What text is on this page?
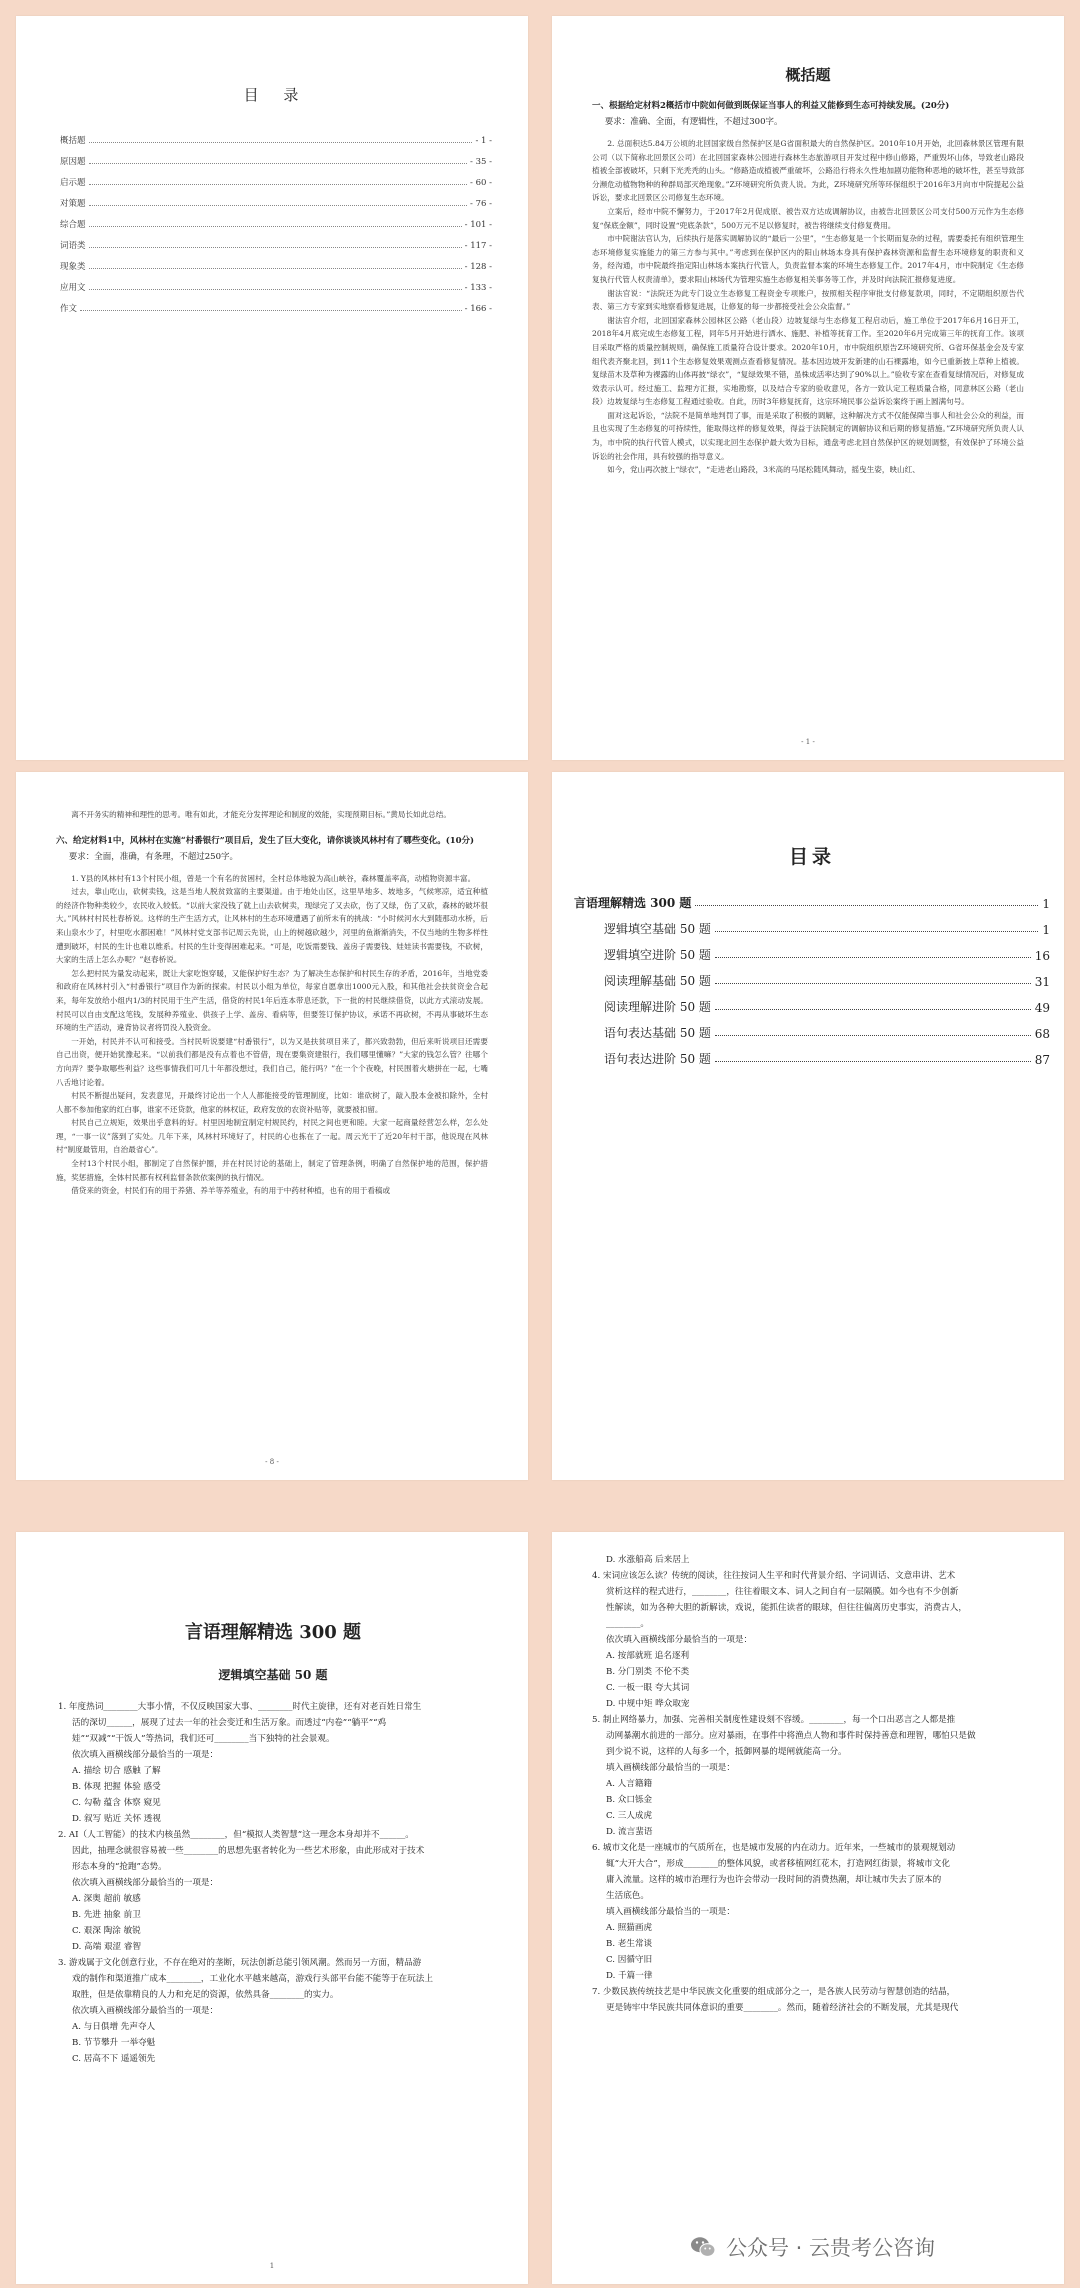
目 录
概括题	- 1 -
原因题	- 35 -
启示题	- 60 -
对策题	- 76 -
综合题	- 101 -
词语类	- 117 -
现象类	- 128 -
应用文	- 133 -
作文	- 166 -
概括题
一、根据给定材料2概括市中院如何做到既保证当事人的利益又能修到生态可持续发展。(20分)
要求：准确、全面，有逻辑性，不超过300字。

2. 总面积达5.84万公顷的北回国家级自然保护区是G省面积最大的自然保护区。2010年10月开始，北回森林景区管理有限公司（以下简称北回景区公司）在北回国家森林公园进行森林生态旅游项目开发过程中修山修路，严重毁坏山体，导致老山路段植被全部被破坏，只剩下光秃秃的山头。“修路造成植被严重破坏，公路沿行将永久性地加剧功能物种恶地的破坏性，甚至导致部分濒危动植物物种的种群局部灭绝现象。”Z环境研究所负责人说。为此，Z环境研究所等环保组织于2016年3月向市中院提起公益诉讼，要求北回景区公司修复生态环境。

立案后，经市中院不懈努力，于2017年2月促成原、被告双方达成调解协议，由被告北回景区公司支付500万元作为生态修复“保底金额”，同时设置“兜底条款”，500万元不足以修复时，被告将继续支付修复费用。

市中院谢法官认为，后续执行是落实调解协议的“最后一公里”，“生态修复是一个长期而复杂的过程，需要委托有组织管理生态环境修复实施能力的第三方参与其中。”考虑到在保护区内的阳山林场本身具有保护森林资源和监督生态环境修复的职责和义务，经沟通，市中院最终指定阳山林场本案执行代管人，负责监督本案的环境生态修复工作。2017年4月，市中院制定《生态修复执行代管人权责清单》，要求阳山林场代为管理实施生态修复相关事务等工作，并及时向法院汇报修复进度。

谢法官说：“法院还为此专门设立生态修复工程资金专项账户，按照相关程序审批支付修复款项，同时，不定期组织原告代表、第三方专家到实地察看修复进展，让修复的每一步都接受社会公众监督。”

谢法官介绍，北回国家森林公园林区公路（老山段）边坡复绿与生态修复工程启动后，施工单位于2017年6月16日开工，2018年4月底完成生态修复工程，同年5月开始进行洒水、施肥、补植等抚育工作。至2020年6月完成第三年的抚育工作。该项目采取严格的质量控制规则，确保施工质量符合设计要求。2020年10月，市中院组织原告Z环境研究所、G省环保基金会及专家组代表齐聚北回，到11个生态修复效果观测点查看修复情况。基本因边坡开发新建的山石裸露地，如今已重新披上草种上植被。复绿苗木及草种为裸露的山体再披“绿衣”，“复绿效果不错，虽株成活率达到了90%以上。”验收专家在查看复绿情况后，对修复成效表示认可。经过施工、监理方汇报，实地勘察，以及结合专家的验收意见，各方一致认定工程质量合格，同意林区公路（老山段）边坡复绿与生态修复工程通过验收。自此，历时3年修复抚育，这宗环境民事公益诉讼案终于画上圆满句号。

面对这起诉讼，“法院不是简单地判罚了事，而是采取了积极的调解，这种解决方式不仅能保障当事人和社会公众的利益，而且也实现了生态修复的可持续性，能取得这样的修复效果，得益于法院制定的调解协议和后期的修复措施。”Z环境研究所负责人认为，市中院的执行代管人模式，以实现北回生态保护最大效为目标，通盘考虑北回自然保护区的规划调整，有效保护了环境公益诉讼的社会作用，具有较强的指导意义。

如今，党山再次披上“绿衣”，“走进老山路段，3米高的马尾松随风舞动，摇曳生姿，映山红、

- 1 -

离不开务实的精神和理性的思考。唯有如此，才能充分发挥理论和制度的效能，实现预期目标。”黄局长如此总结。

六、给定材料1中，风林村在实施“村番银行”项目后，发生了巨大变化，请你谈谈风林村有了哪些变化。(10分)
要求：全面，准确，有条理，不超过250字。

1. Y县的风林村有13个村民小组，曾是一个有名的贫困村，全村总体地貌为高山峡谷，森林覆盖率高，动植物资源丰富。

过去，靠山吃山，砍树卖钱，这是当地人脱贫致富的主要渠道。由于地处山区，这里旱地多、坡地多，气候寒凉，适宜种植的经济作物种类较少，农民收入较低。“以前大家没钱了就上山去砍树卖，现绿完了又去砍，伤了又绿，伤了又砍，森林的破坏很大。”风林村村民杜春桥说。这样的生产生活方式，让风林村的生态环境遭遇了前所未有的挑战：“小时候河水大到随那动水桥，后来山泉水少了，村里吃水都困难！”风林村党支部书记周云先说，山上的树越砍越少，河里的鱼渐渐消失，不仅当地的生物多样性遭到破坏，村民的生计也难以维系。村民的生计变得困难起来。“可是，吃饭需要钱、盖房子需要钱、娃娃读书需要钱，不砍树，大家的生活上怎么办呢？”赵春桥说。

怎么把村民为量发动起来，既让大家吃饱穿暖，又能保护好生态？为了解决生态保护和村民生存的矛盾，2016年，当地党委和政府在风林村引入“村番银行”项目作为新的探索。村民以小组为单位，每家自愿拿出1000元入股，和其他社会扶贫资金合起来，每年发放给小组内1/3的村民用于生产生活，借贷的村民1年后连本带息还款，下一批的村民继续借贷，以此方式滚动发展。村民可以自由支配这笔钱，发展种养殖业、供孩子上学、盖房、看病等，但要签订保护协议，承诺不再砍树，不再从事破坏生态环境的生产活动，違背协议者将罚没入股资金。

一开始，村民并不认可和接受。当村民听说要建“村番银行”，以为又是扶贫项目来了，都兴致勃勃，但后来听说项目还需要自己出资，便开始犹豫起来。“以前我们都是没有点着也不管借，现在要集资建银行，我们哪里懂嘛？”大家的钱怎么管？往哪个方向弄？要争取哪些利益？这些事情我们可几十年都没想过，我们自己，能行吗？”在一个个夜晚，村民围着火塘拼在一起，七嘴八舌地讨论着。

村民不断提出疑问，发表意见，开最终讨论出一个人人都能接受的管理制度，比如：谁砍树了，敲入股本金被扣除外，全村人都不参加他家的红白事，谁家不还贷款，他家的林权证，政府发放的农资补贴等，就要被扣留。

村民自己立规矩，效果出乎意料的好。村里因地制宜制定村规民约，村民之间也更和睦。大家一起商量经营怎么样，怎么处理，“一事一议”落到了实处。几年下来，风林村环境好了，村民的心也拣在了一起。周云光干了近20年村干部，他说现在风林村“制度最管用，自治最省心”。

全村13个村民小组，都制定了自然保护圈，并在村民讨论的基础上，制定了管理条例，明确了自然保护地的范围，保护措施，奖惩措施，全体村民都有权利监督条款依案例的执行情况。

借贷来的资金，村民们有的用于养猪、养羊等养殖业，有的用于中药材种植，也有的用于看稿或

- 8 -
目录
言语理解精选 300 题	1
逻辑填空基础 50 题	1
逻辑填空进阶 50 题	16
阅读理解基础 50 题	31
阅读理解进阶 50 题	49
语句表达基础 50 题	68
语句表达进阶 50 题	87
言语理解精选 300 题
逻辑填空基础 50 题

1. 年度热词________大事小情，不仅反映国家大事、________时代主旋律，还有对老百姓日常生

活的深切______，展现了过去一年的社会变迁和生活万象。而透过“内卷”“躺平”“鸡

娃”“双减”“干饭人”等热词，我们还可________当下独特的社会景观。

依次填入画横线部分最恰当的一项是：

A. 描绘 切合 感触 了解

B. 体现 把握 体验 感受

C. 勾勒 蕴含 体察 窥见

D. 叙写 贴近 关怀 透视

2. AI（人工智能）的技术内核虽然________，但“模拟人类智慧”这一理念本身却并不______。

因此，抽理念就很容易被一些________的思想先驱者转化为一些艺术形象，由此形成对于技术

形态本身的“抢跑”态势。

依次填入画横线部分最恰当的一项是：

A. 深奥 超前 敏感

B. 先进 抽象 前卫

C. 艰深 陶涂 敏锐

D. 高端 艰涩 睿智

3. 游戏属于文化创意行业，不存在绝对的垄断，玩法创新总能引领风潮。然而另一方面，精品游

戏的制作和渠道推广成本________，工业化水平越来越高，游戏行头部平台能不能等于在玩法上

取胜，但是依靠精良的人力和充足的资源，依然具备________的实力。

依次填入画横线部分最恰当的一项是：

A. 与日俱增 先声夺人

B. 节节攀升 一举夺魁

C. 居高不下 遥遥领先

1

D. 水涨船高 后来居上

4. 宋词应该怎么读？传统的阅读，往往按词人生平和时代背景介绍、字词训话、文意串讲、艺术

赏析这样的程式进行，________，往往着眼文本、词人之间自有一层隔膜。如今也有不少创新

性解读，如为各种大胆的新解读，戏说，能抓住读者的眼球，但往往偏离历史事实，消费古人，

________。

依次填入画横线部分最恰当的一项是：

A. 按部就班 追名逐利

B. 分门别类 不伦不类

C. 一板一眼 夸大其词

D. 中规中矩 哗众取宠

5. 制止网络暴力，加强、完善相关制度性建设刻不容缓。________，每一个口出恶言之人都是推

动网暴潮水前进的一部分。应对暴雨，在事件中将渔点人物和事件时保持善意和理智，哪怕只是做

到少说不说，这样的人每多一个，抵御网暴的堤闸就能高一分。

填入画横线部分最恰当的一项是：

A. 人言籍籍

B. 众口铄金

C. 三人成虎

D. 流言蜚语

6. 城市文化是一座城市的气质所在，也是城市发展的内在动力。近年来，一些城市的景观规划动

辄“大开大合”，形成________的整体风貌，或者移植网红花木，打造网红街景，将城市文化

庸入流量。这样的城市治理行为也许会带动一段时间的消费热潮，却让城市失去了原本的

生活底色。

填入画横线部分最恰当的一项是：

A. 照猫画虎

B. 老生常谈

C. 因循守旧

D. 千篇一律

7. 少数民族传统技艺是中华民族文化重要的组成部分之一，是各族人民劳动与智慧创造的结晶，

更是铸牢中华民族共同体意识的重要________。然而，随着经济社会的不断发展，尤其是现代

公众号 · 云贵考公咨询
